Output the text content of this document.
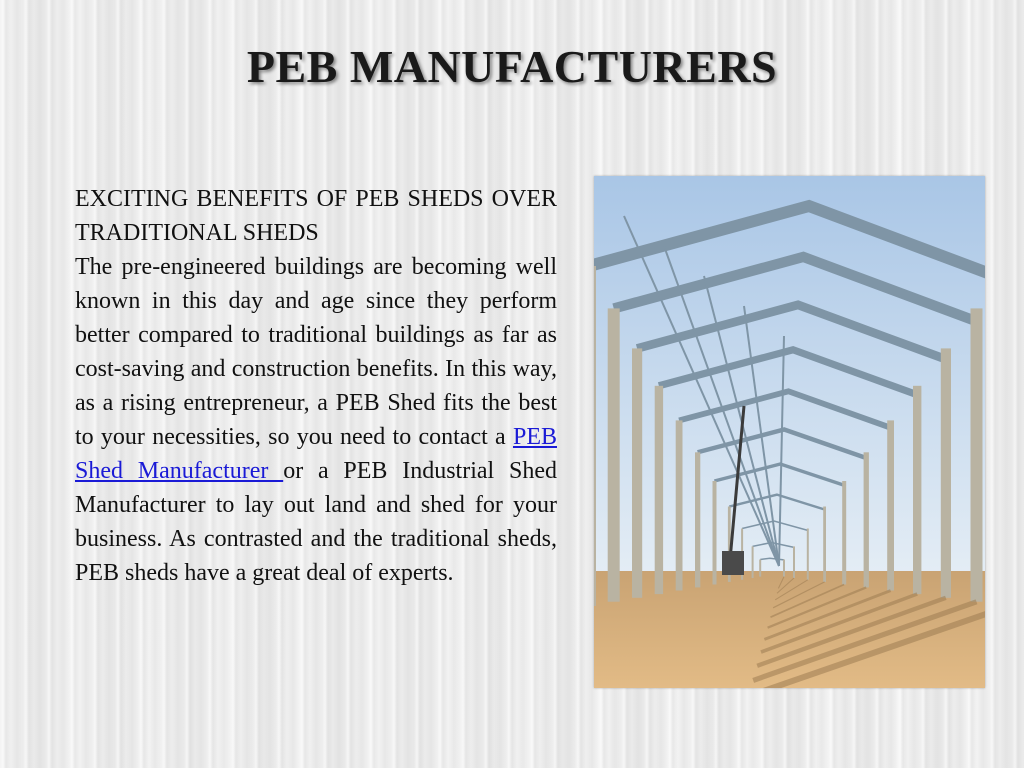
PEB MANUFACTURERS
EXCITING BENEFITS OF PEB SHEDS OVER TRADITIONAL SHEDS

The pre-engineered buildings are becoming well known in this day and age since they perform better compared to traditional buildings as far as cost-saving and construction benefits. In this way, as a rising entrepreneur, a PEB Shed fits the best to your necessities, so you need to contact a PEB Shed Manufacturer or a PEB Industrial Shed Manufacturer to lay out land and shed for your business. As contrasted and the traditional sheds, PEB sheds have a great deal of experts.
